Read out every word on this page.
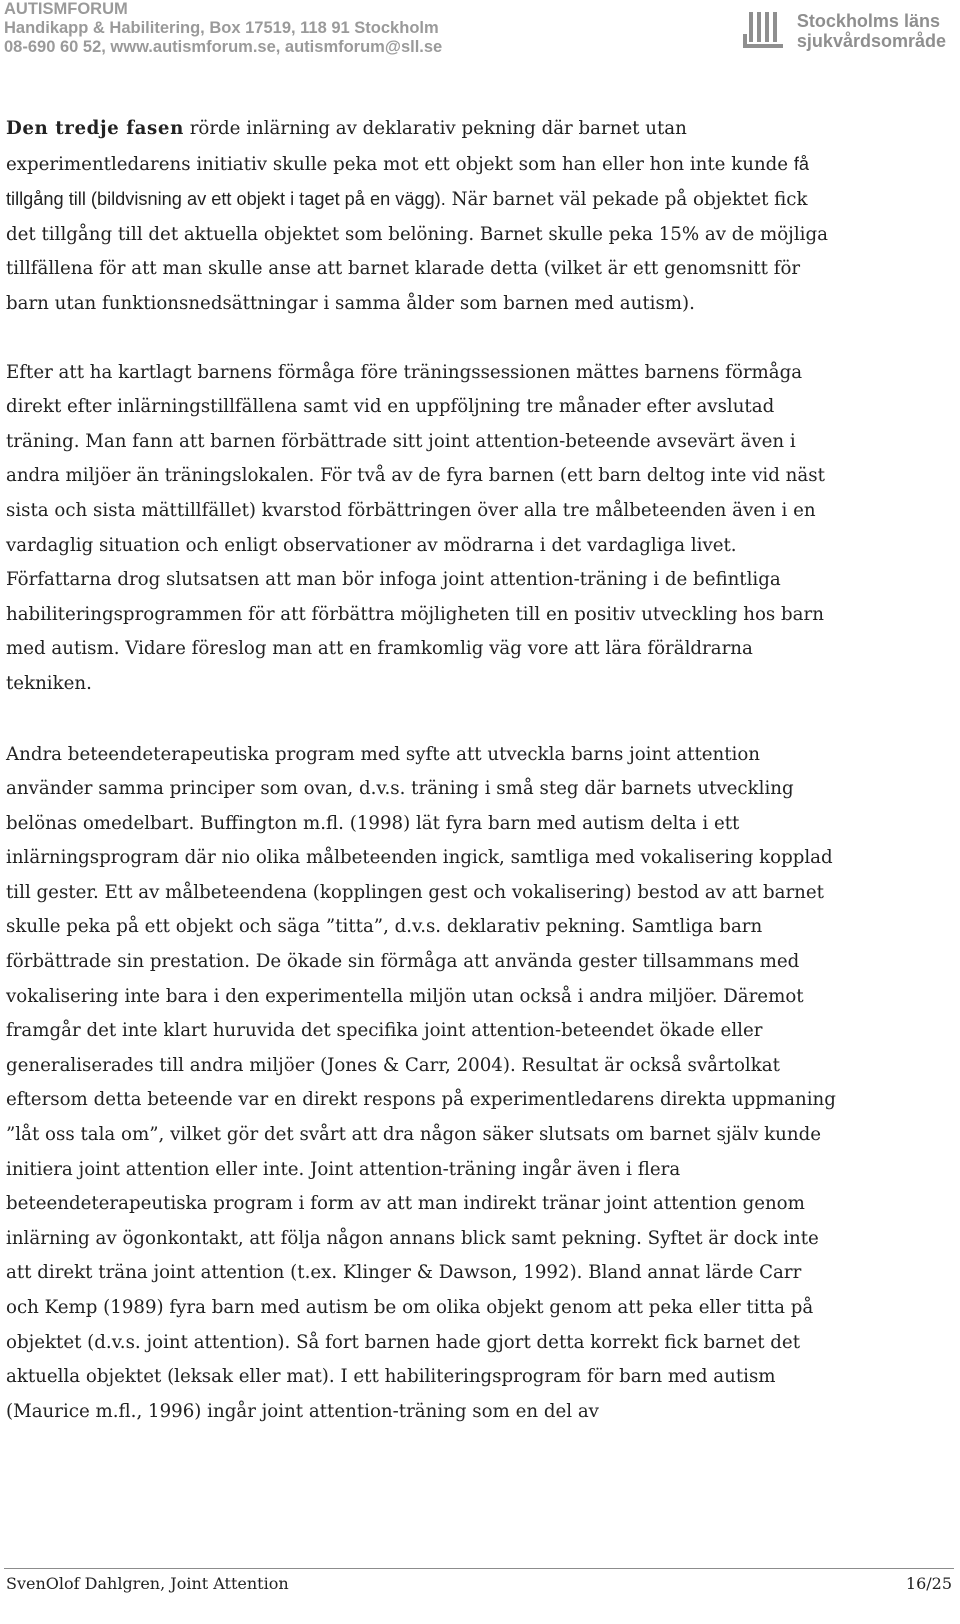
AUTISMFORUM
Handikapp & Habilitering, Box 17519, 118 91 Stockholm
08-690 60 52, www.autismforum.se, autismforum@sll.se
Stockholms läns
sjukvårdsområde

Den tredje fasen rörde inlärning av deklarativ pekning där barnet utan experimentledarens initiativ skulle peka mot ett objekt som han eller hon inte kunde få tillgång till (bildvisning av ett objekt i taget på en vägg). När barnet väl pekade på objektet fick det tillgång till det aktuella objektet som belöning. Barnet skulle peka 15% av de möjliga tillfällena för att man skulle anse att barnet klarade detta (vilket är ett genomsnitt för barn utan funktionsnedsättningar i samma ålder som barnen med autism).

Efter att ha kartlagt barnens förmåga före träningssessionen mättes barnens förmåga direkt efter inlärningstillfällena samt vid en uppföljning tre månader efter avslutad träning. Man fann att barnen förbättrade sitt joint attention-beteende avsevärt även i andra miljöer än träningslokalen. För två av de fyra barnen (ett barn deltog inte vid näst sista och sista mättillfället) kvarstod förbättringen över alla tre målbeteenden även i en vardaglig situation och enligt observationer av mödrarna i det vardagliga livet. Författarna drog slutsatsen att man bör infoga joint attention-träning i de befintliga habiliteringsprogrammen för att förbättra möjligheten till en positiv utveckling hos barn med autism. Vidare föreslog man att en framkomlig väg vore att lära föräldrarna tekniken.

Andra beteendeterapeutiska program med syfte att utveckla barns joint attention använder samma principer som ovan, d.v.s. träning i små steg där barnets utveckling belönas omedelbart. Buffington m.fl. (1998) lät fyra barn med autism delta i ett inlärningsprogram där nio olika målbeteenden ingick, samtliga med vokalisering kopplad till gester. Ett av målbeteendena (kopplingen gest och vokalisering) bestod av att barnet skulle peka på ett objekt och säga ”titta”, d.v.s. deklarativ pekning. Samtliga barn förbättrade sin prestation. De ökade sin förmåga att använda gester tillsammans med vokalisering inte bara i den experimentella miljön utan också i andra miljöer. Däremot framgår det inte klart huruvida det specifika joint attention-beteendet ökade eller generaliserades till andra miljöer (Jones & Carr, 2004). Resultat är också svårtolkat eftersom detta beteende var en direkt respons på experimentledarens direkta uppmaning ”låt oss tala om”, vilket gör det svårt att dra någon säker slutsats om barnet själv kunde initiera joint attention eller inte. Joint attention-träning ingår även i flera beteendeterapeutiska program i form av att man indirekt tränar joint attention genom inlärning av ögonkontakt, att följa någon annans blick samt pekning. Syftet är dock inte att direkt träna joint attention (t.ex. Klinger & Dawson, 1992). Bland annat lärde Carr och Kemp (1989) fyra barn med autism be om olika objekt genom att peka eller titta på objektet (d.v.s. joint attention). Så fort barnen hade gjort detta korrekt fick barnet det aktuella objektet (leksak eller mat). I ett habiliteringsprogram för barn med autism (Maurice m.fl., 1996) ingår joint attention-träning som en del av

SvenOlof Dahlgren, Joint Attention	16/25
